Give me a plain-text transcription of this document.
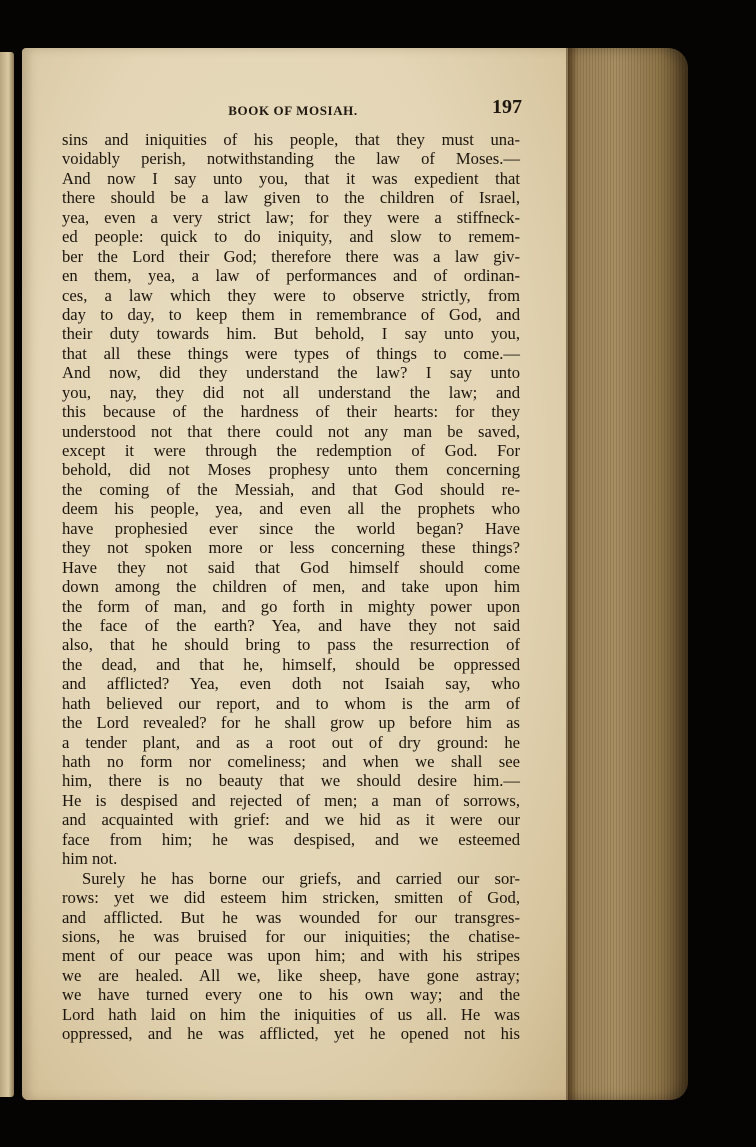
BOOK OF MOSIAH.	197
sins and iniquities of his people, that they must una-
voidably perish, notwithstanding the law of Moses.—
And now I say unto you, that it was expedient that
there should be a law given to the children of Israel,
yea, even a very strict law; for they were a stiffneck-
ed people: quick to do iniquity, and slow to remem-
ber the Lord their God; therefore there was a law giv-
en them, yea, a law of performances and of ordinan-
ces, a law which they were to observe strictly, from
day to day, to keep them in remembrance of God, and
their duty towards him. But behold, I say unto you,
that all these things were types of things to come.—
And now, did they understand the law? I say unto
you, nay, they did not all understand the law; and
this because of the hardness of their hearts: for they
understood not that there could not any man be saved,
except it were through the redemption of God. For
behold, did not Moses prophesy unto them concerning
the coming of the Messiah, and that God should re-
deem his people, yea, and even all the prophets who
have prophesied ever since the world began? Have
they not spoken more or less concerning these things?
Have they not said that God himself should come
down among the children of men, and take upon him
the form of man, and go forth in mighty power upon
the face of the earth? Yea, and have they not said
also, that he should bring to pass the resurrection of
the dead, and that he, himself, should be oppressed
and afflicted? Yea, even doth not Isaiah say, who
hath believed our report, and to whom is the arm of
the Lord revealed? for he shall grow up before him as
a tender plant, and as a root out of dry ground: he
hath no form nor comeliness; and when we shall see
him, there is no beauty that we should desire him.—
He is despised and rejected of men; a man of sorrows,
and acquainted with grief: and we hid as it were our
face from him; he was despised, and we esteemed
him not.
Surely he has borne our griefs, and carried our sor-
rows: yet we did esteem him stricken, smitten of God,
and afflicted. But he was wounded for our transgres-
sions, he was bruised for our iniquities; the chatise-
ment of our peace was upon him; and with his stripes
we are healed. All we, like sheep, have gone astray;
we have turned every one to his own way; and the
Lord hath laid on him the iniquities of us all. He was
oppressed, and he was afflicted, yet he opened not his
